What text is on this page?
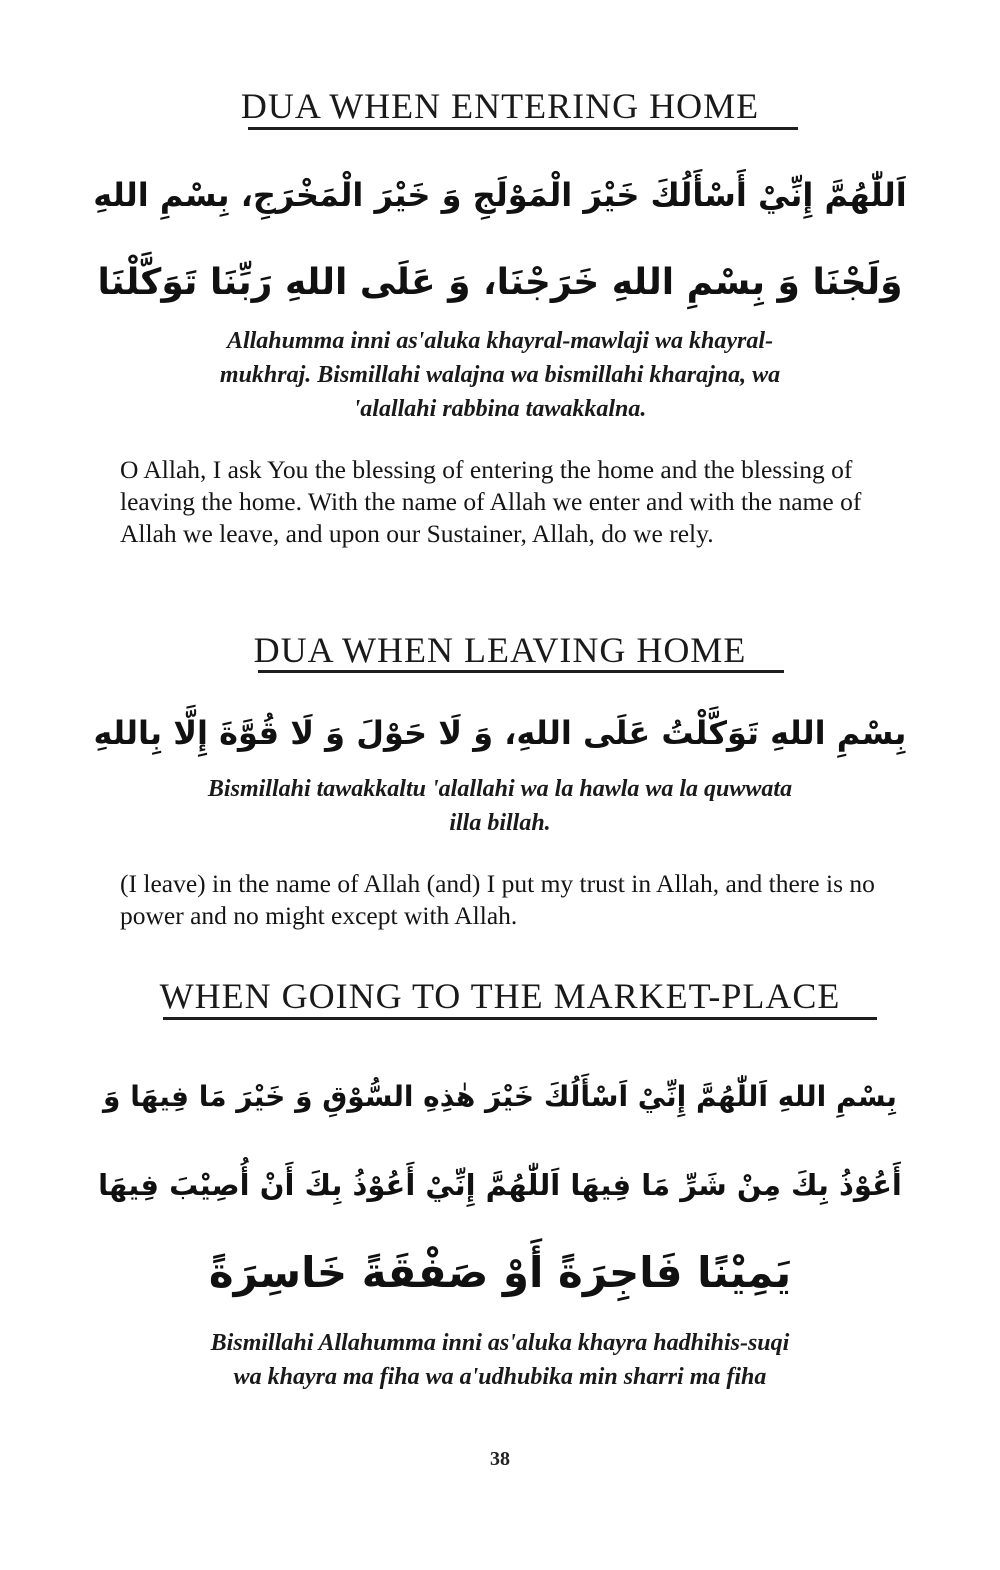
DUA WHEN ENTERING HOME
اَللّٰهُمَّ إِنِّيْ أَسْأَلُكَ خَيْرَ الْمَوْلَجِ وَ خَيْرَ الْمَخْرَجِ، بِسْمِ اللهِ
وَلَجْنَا وَ بِسْمِ اللهِ خَرَجْنَا، وَ عَلَى اللهِ رَبِّنَا تَوَكَّلْنَا
Allahumma inni as'aluka khayral-mawlaji wa khayral-
mukhraj. Bismillahi walajna wa bismillahi kharajna, wa
'alallahi rabbina tawakkalna.
O Allah, I ask You the blessing of entering the home and the blessing of leaving the home. With the name of Allah we enter and with the name of Allah we leave, and upon our Sustainer, Allah, do we rely.
DUA WHEN LEAVING HOME
بِسْمِ اللهِ تَوَكَّلْتُ عَلَى اللهِ، وَ لَا حَوْلَ وَ لَا قُوَّةَ إِلَّا بِاللهِ
Bismillahi tawakkaltu 'alallahi wa la hawla wa la quwwata
illa billah.
(I leave) in the name of Allah (and) I put my trust in Allah, and there is no power and no might except with Allah.
WHEN GOING TO THE MARKET-PLACE
بِسْمِ اللهِ اَللّٰهُمَّ إِنِّيْ اَسْأَلُكَ خَيْرَ هٰذِهِ السُّوْقِ وَ خَيْرَ مَا فِيهَا وَ
أَعُوْذُ بِكَ مِنْ شَرِّ مَا فِيهَا اَللّٰهُمَّ إِنِّيْ أَعُوْذُ بِكَ أَنْ أُصِيْبَ فِيهَا
يَمِيْنًا فَاجِرَةً أَوْ صَفْقَةً خَاسِرَةً
Bismillahi Allahumma inni as'aluka khayra hadhihis-suqi
wa khayra ma fiha wa a'udhubika min sharri ma fiha
38
